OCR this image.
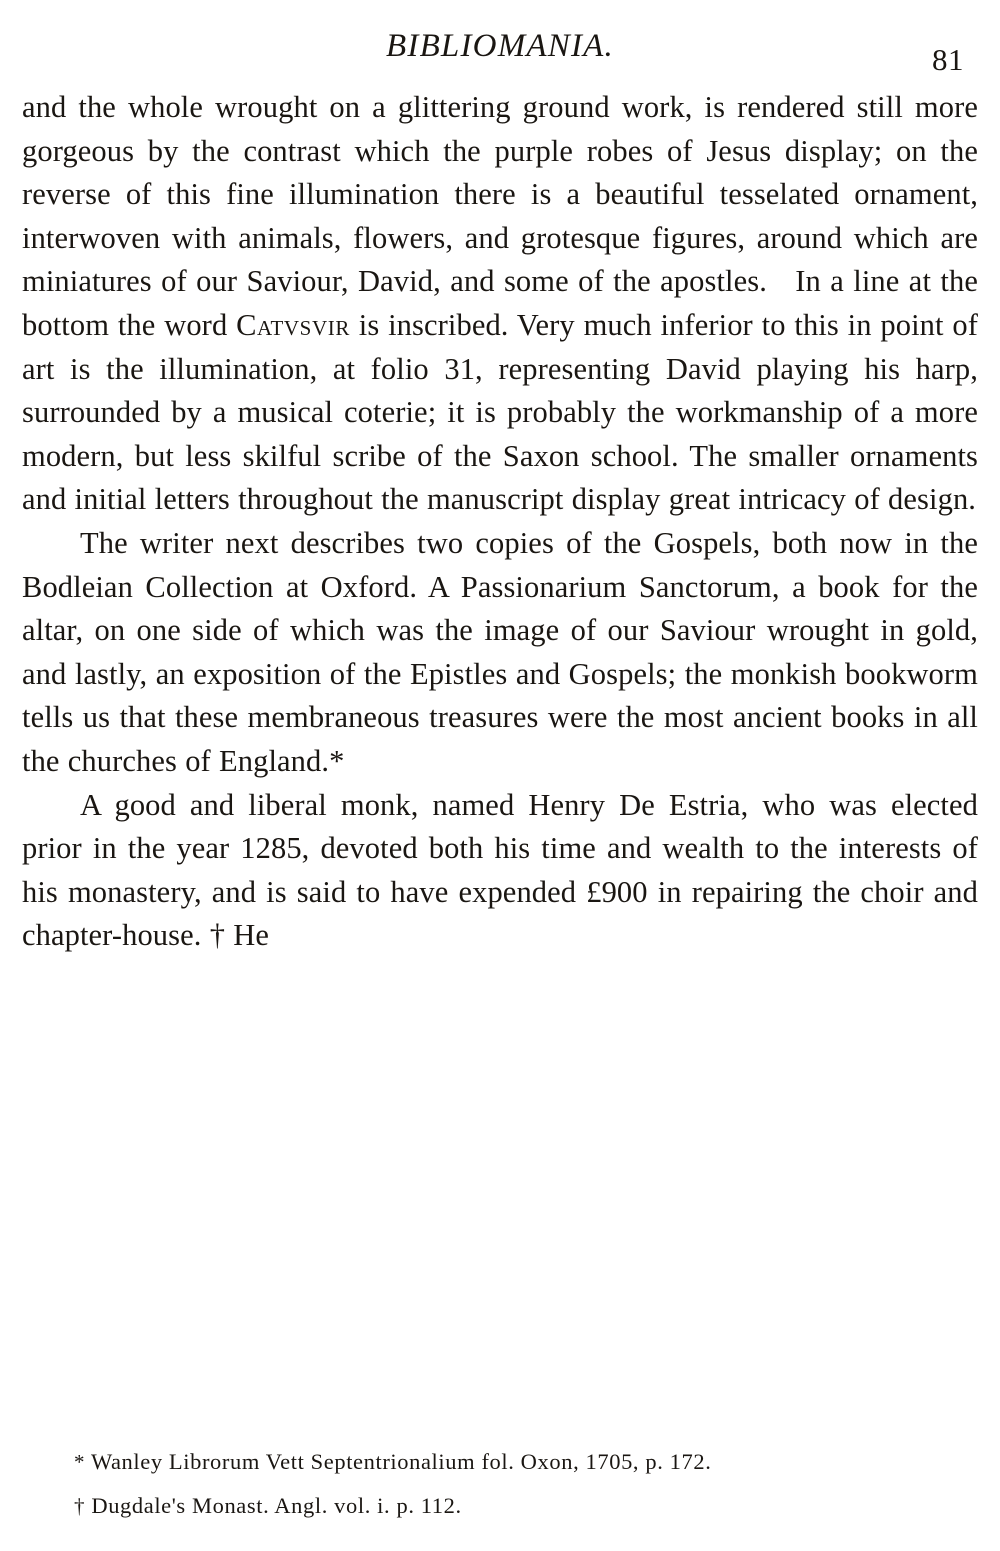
BIBLIOMANIA.	81

and the whole wrought on a glittering ground work, is rendered still more gorgeous by the contrast which the purple robes of Jesus display; on the reverse of this fine illumination there is a beautiful tesselated ornament, interwoven with animals, flowers, and grotesque figures, around which are miniatures of our Saviour, David, and some of the apostles. In a line at the bottom the word Catvsvir is inscribed. Very much inferior to this in point of art is the illumination, at folio 31, representing David playing his harp, surrounded by a musical coterie; it is probably the workmanship of a more modern, but less skilful scribe of the Saxon school. The smaller ornaments and initial letters throughout the manuscript display great intricacy of design.

The writer next describes two copies of the Gospels, both now in the Bodleian Collection at Oxford. A Passionarium Sanctorum, a book for the altar, on one side of which was the image of our Saviour wrought in gold, and lastly, an exposition of the Epistles and Gospels; the monkish bookworm tells us that these membraneous treasures were the most ancient books in all the churches of England.*

A good and liberal monk, named Henry De Estria, who was elected prior in the year 1285, devoted both his time and wealth to the interests of his monastery, and is said to have expended £900 in repairing the choir and chapter-house. † He

* Wanley Librorum Vett Septentrionalium fol. Oxon, 1705, p. 172.

† Dugdale's Monast. Angl. vol. i. p. 112.
